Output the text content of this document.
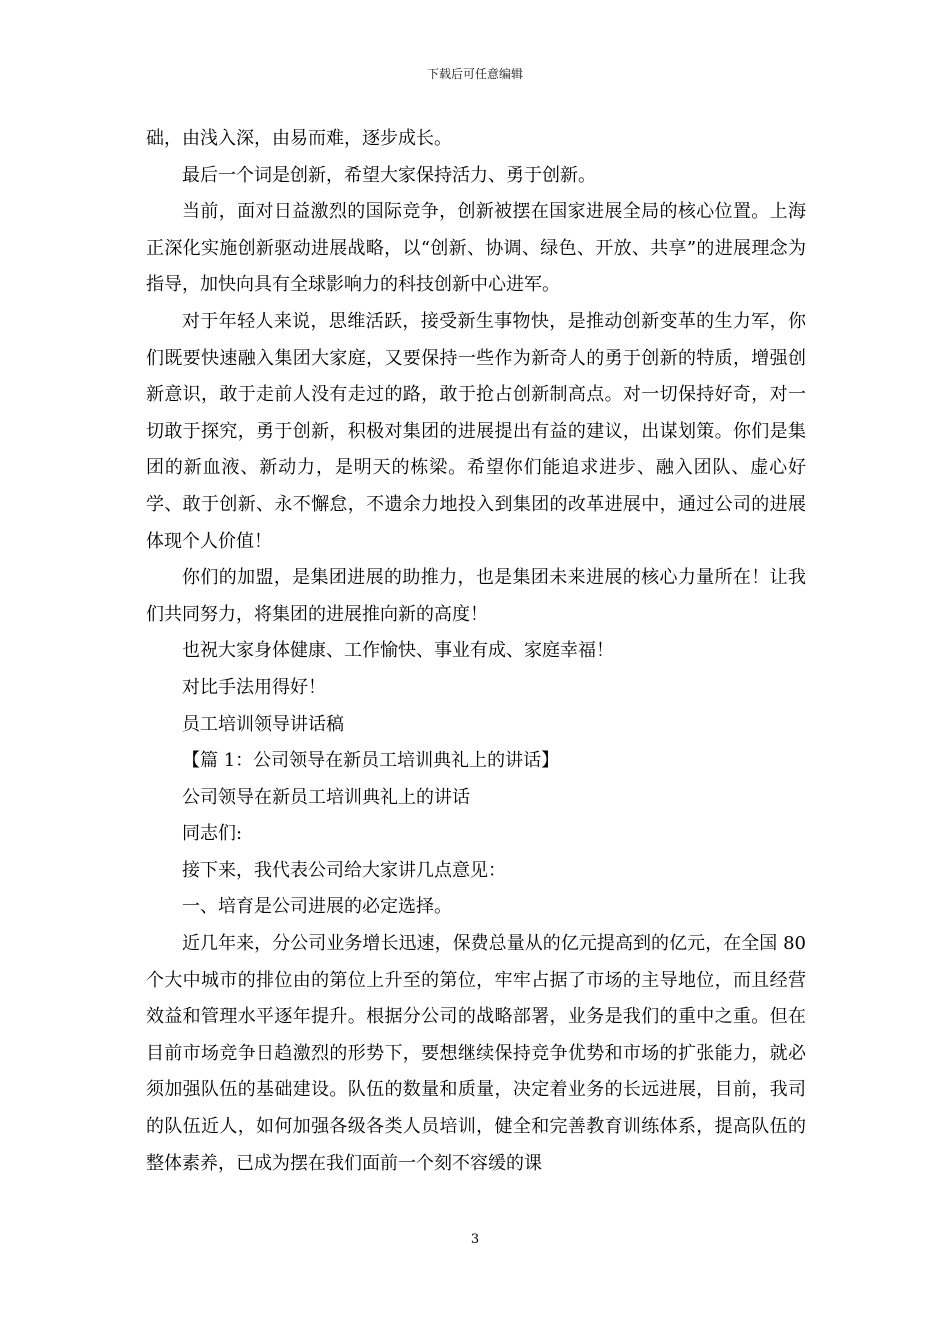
下载后可任意编辑

础，由浅入深，由易而难，逐步成长。

最后一个词是创新，希望大家保持活力、勇于创新。

当前，面对日益激烈的国际竞争，创新被摆在国家进展全局的核心位置。上海正深化实施创新驱动进展战略，以“创新、协调、绿色、开放、共享”的进展理念为指导，加快向具有全球影响力的科技创新中心进军。

对于年轻人来说，思维活跃，接受新生事物快，是推动创新变革的生力军，你们既要快速融入集团大家庭，又要保持一些作为新奇人的勇于创新的特质，增强创新意识，敢于走前人没有走过的路，敢于抢占创新制高点。对一切保持好奇，对一切敢于探究，勇于创新，积极对集团的进展提出有益的建议，出谋划策。你们是集团的新血液、新动力，是明天的栋梁。希望你们能追求进步、融入团队、虚心好学、敢于创新、永不懈怠，不遗余力地投入到集团的改革进展中，通过公司的进展体现个人价值！

你们的加盟，是集团进展的助推力，也是集团未来进展的核心力量所在！让我们共同努力，将集团的进展推向新的高度！

也祝大家身体健康、工作愉快、事业有成、家庭幸福！

对比手法用得好！

员工培训领导讲话稿

【篇 1：公司领导在新员工培训典礼上的讲话】

公司领导在新员工培训典礼上的讲话

同志们:

接下来，我代表公司给大家讲几点意见：

一、培育是公司进展的必定选择。

近几年来，分公司业务增长迅速，保费总量从的亿元提高到的亿元，在全国 80 个大中城市的排位由的第位上升至的第位，牢牢占据了市场的主导地位，而且经营效益和管理水平逐年提升。根据分公司的战略部署，业务是我们的重中之重。但在目前市场竞争日趋激烈的形势下，要想继续保持竞争优势和市场的扩张能力，就必须加强队伍的基础建设。队伍的数量和质量，决定着业务的长远进展，目前，我司的队伍近人，如何加强各级各类人员培训，健全和完善教育训练体系，提高队伍的整体素养，已成为摆在我们面前一个刻不容缓的课

3
